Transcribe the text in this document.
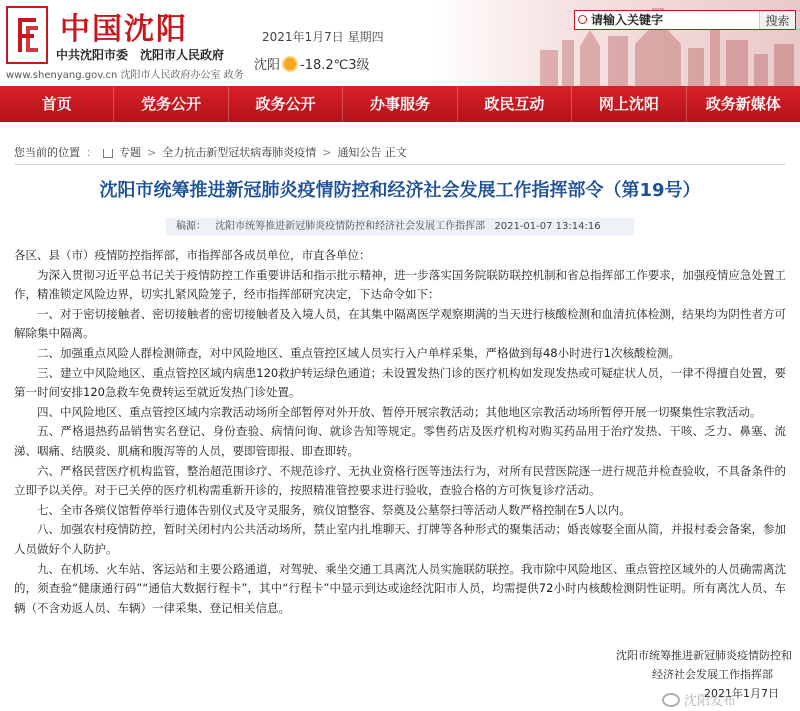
中国沈阳
中共沈阳市委　沈阳市人民政府
www.shenyang.gov.cn 沈阳市人民政府办公室 政务
2021年1月7日 星期四
沈阳 -18.2℃3级
请输入关键字
搜索
首页	党务公开	政务公开	办事服务	政民互动	网上沈阳	政务新媒体
您当前的位置 ： 专题 > 全力抗击新型冠状病毒肺炎疫情 > 通知公告 正文
沈阳市统筹推进新冠肺炎疫情防控和经济社会发展工作指挥部令（第19号）
稿源： 沈阳市统筹推进新冠肺炎疫情防控和经济社会发展工作指挥部 2021-01-07 13:14:16

各区、县（市）疫情防控指挥部，市指挥部各成员单位，市直各单位：

为深入贯彻习近平总书记关于疫情防控工作重要讲话和指示批示精神，进一步落实国务院联防联控机制和省总指挥部工作要求，加强疫情应急处置工作，精准锁定风险边界，切实扎紧风险笼子，经市指挥部研究决定，下达命令如下：

一、对于密切接触者、密切接触者的密切接触者及入境人员，在其集中隔离医学观察期满的当天进行核酸检测和血清抗体检测，结果均为阴性者方可解除集中隔离。

二、加强重点风险人群检测筛查，对中风险地区、重点管控区域人员实行入户单样采集，严格做到每48小时进行1次核酸检测。

三、建立中风险地区、重点管控区域内病患120救护转运绿色通道；未设置发热门诊的医疗机构如发现发热或可疑症状人员，一律不得擅自处置，要第一时间安排120急救车免费转运至就近发热门诊处置。

四、中风险地区、重点管控区域内宗教活动场所全部暂停对外开放、暂停开展宗教活动；其他地区宗教活动场所暂停开展一切聚集性宗教活动。

五、严格退热药品销售实名登记、身份查验、病情问询、就诊告知等规定。零售药店及医疗机构对购买药品用于治疗发热、干咳、乏力、鼻塞、流涕、咽痛、结膜炎、肌痛和腹泻等的人员，要即管即报、即查即转。

六、严格民营医疗机构监管，整治超范围诊疗、不规范诊疗、无执业资格行医等违法行为，对所有民营医院逐一进行规范并检查验收，不具备条件的立即予以关停。对于已关停的医疗机构需重新开诊的，按照精准管控要求进行验收，查验合格的方可恢复诊疗活动。

七、全市各殡仪馆暂停举行遗体告别仪式及守灵服务，殡仪馆整容、祭奠及公墓祭扫等活动人数严格控制在5人以内。

八、加强农村疫情防控，暂时关闭村内公共活动场所，禁止室内扎堆聊天、打牌等各种形式的聚集活动；婚丧嫁娶全面从简，并报村委会备案，参加人员做好个人防护。

九、在机场、火车站、客运站和主要公路通道，对驾驶、乘坐交通工具离沈人员实施联防联控。我市除中风险地区、重点管控区域外的人员确需离沈的，须查验“健康通行码”“通信大数据行程卡”，其中“行程卡”中显示到达或途经沈阳市人员，均需提供72小时内核酸检测阴性证明。所有离沈人员、车辆（不含劝返人员、车辆）一律采集、登记相关信息。

沈阳市统筹推进新冠肺炎疫情防控和
经济社会发展工作指挥部
2021年1月7日
沈阳发布
